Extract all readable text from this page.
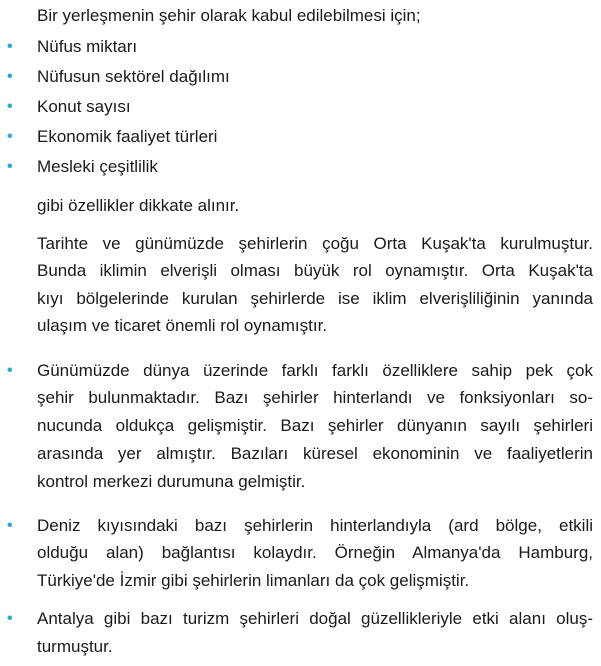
Bir yerleşmenin şehir olarak kabul edilebilmesi için;
• Nüfus miktarı
• Nüfusun sektörel dağılımı
• Konut sayısı
• Ekonomik faaliyet türleri
• Mesleki çeşitlilik
gibi özellikler dikkate alınır.
Tarihte ve günümüzde şehirlerin çoğu Orta Kuşak'ta kurulmuştur.
Bunda iklimin elverişli olması büyük rol oynamıştır. Orta Kuşak'ta
kıyı bölgelerinde kurulan şehirlerde ise iklim elverişliliğinin yanında
ulaşım ve ticaret önemli rol oynamıştır.
• Günümüzde dünya üzerinde farklı farklı özelliklere sahip pek çok
şehir bulunmaktadır. Bazı şehirler hinterlandı ve fonksiyonları so-
nucunda oldukça gelişmiştir. Bazı şehirler dünyanın sayılı şehirleri
arasında yer almıştır. Bazıları küresel ekonominin ve faaliyetlerin
kontrol merkezi durumuna gelmiştir.
• Deniz kıyısındaki bazı şehirlerin hinterlandıyla (ard bölge, etkili
olduğu alan) bağlantısı kolaydır. Örneğin Almanya'da Hamburg,
Türkiye'de İzmir gibi şehirlerin limanları da çok gelişmiştir.
• Antalya gibi bazı turizm şehirleri doğal güzellikleriyle etki alanı oluş-
turmuştur.
